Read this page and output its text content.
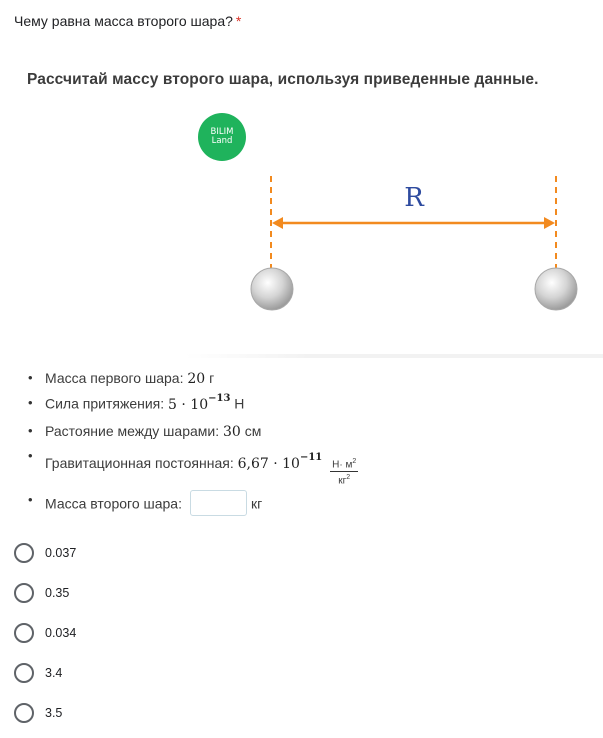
Чему равна масса второго шара? *
Рассчитай массу второго шара, используя приведенные данные.
BILIM
Land
R
• Масса первого шара: 20 г
• Сила притяжения: $5 \cdot 10^{-13}$ Н
• Растояние между шарами: 30 см
• Гравитационная постоянная: $6,67 \cdot 10^{-11}$
$\frac{Н\cdot м^2}{кг^2}$
• Масса второго шара:	кг
0.037
0.35
0.034
3.4
3.5
